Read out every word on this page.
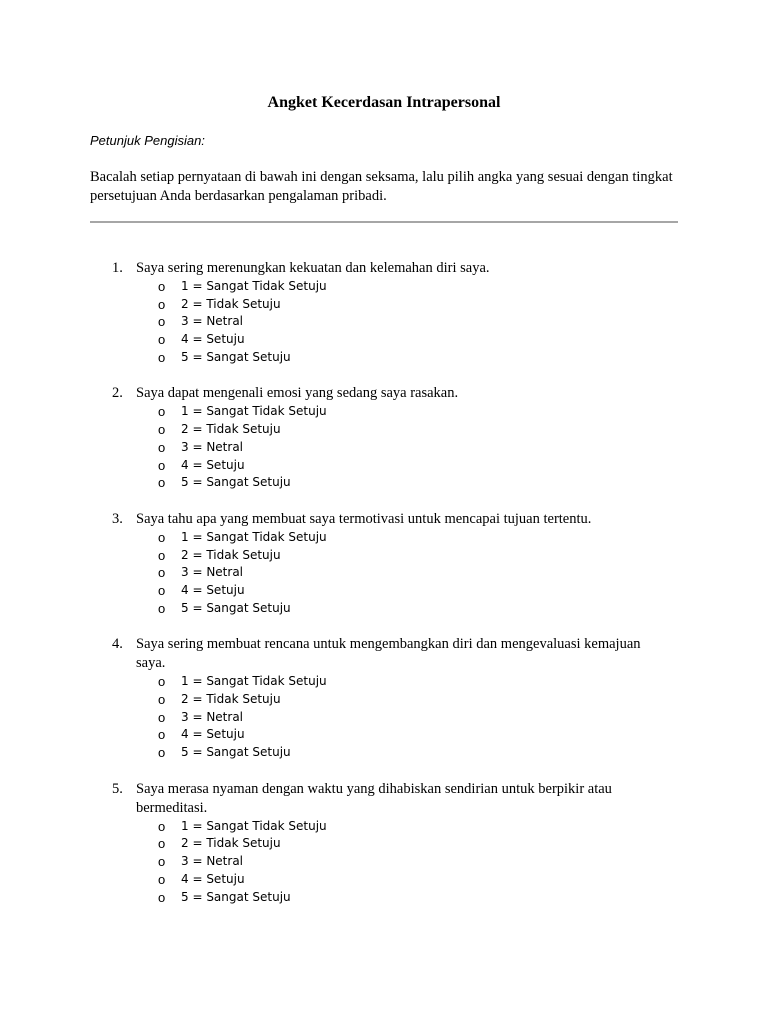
Angket Kecerdasan Intrapersonal
Petunjuk Pengisian:
Bacalah setiap pernyataan di bawah ini dengan seksama, lalu pilih angka yang sesuai dengan tingkat persetujuan Anda berdasarkan pengalaman pribadi.
1. Saya sering merenungkan kekuatan dan kelemahan diri saya.
o 1 = Sangat Tidak Setuju
o 2 = Tidak Setuju
o 3 = Netral
o 4 = Setuju
o 5 = Sangat Setuju
2. Saya dapat mengenali emosi yang sedang saya rasakan.
o 1 = Sangat Tidak Setuju
o 2 = Tidak Setuju
o 3 = Netral
o 4 = Setuju
o 5 = Sangat Setuju
3. Saya tahu apa yang membuat saya termotivasi untuk mencapai tujuan tertentu.
o 1 = Sangat Tidak Setuju
o 2 = Tidak Setuju
o 3 = Netral
o 4 = Setuju
o 5 = Sangat Setuju
4. Saya sering membuat rencana untuk mengembangkan diri dan mengevaluasi kemajuan saya.
o 1 = Sangat Tidak Setuju
o 2 = Tidak Setuju
o 3 = Netral
o 4 = Setuju
o 5 = Sangat Setuju
5. Saya merasa nyaman dengan waktu yang dihabiskan sendirian untuk berpikir atau bermeditasi.
o 1 = Sangat Tidak Setuju
o 2 = Tidak Setuju
o 3 = Netral
o 4 = Setuju
o 5 = Sangat Setuju
